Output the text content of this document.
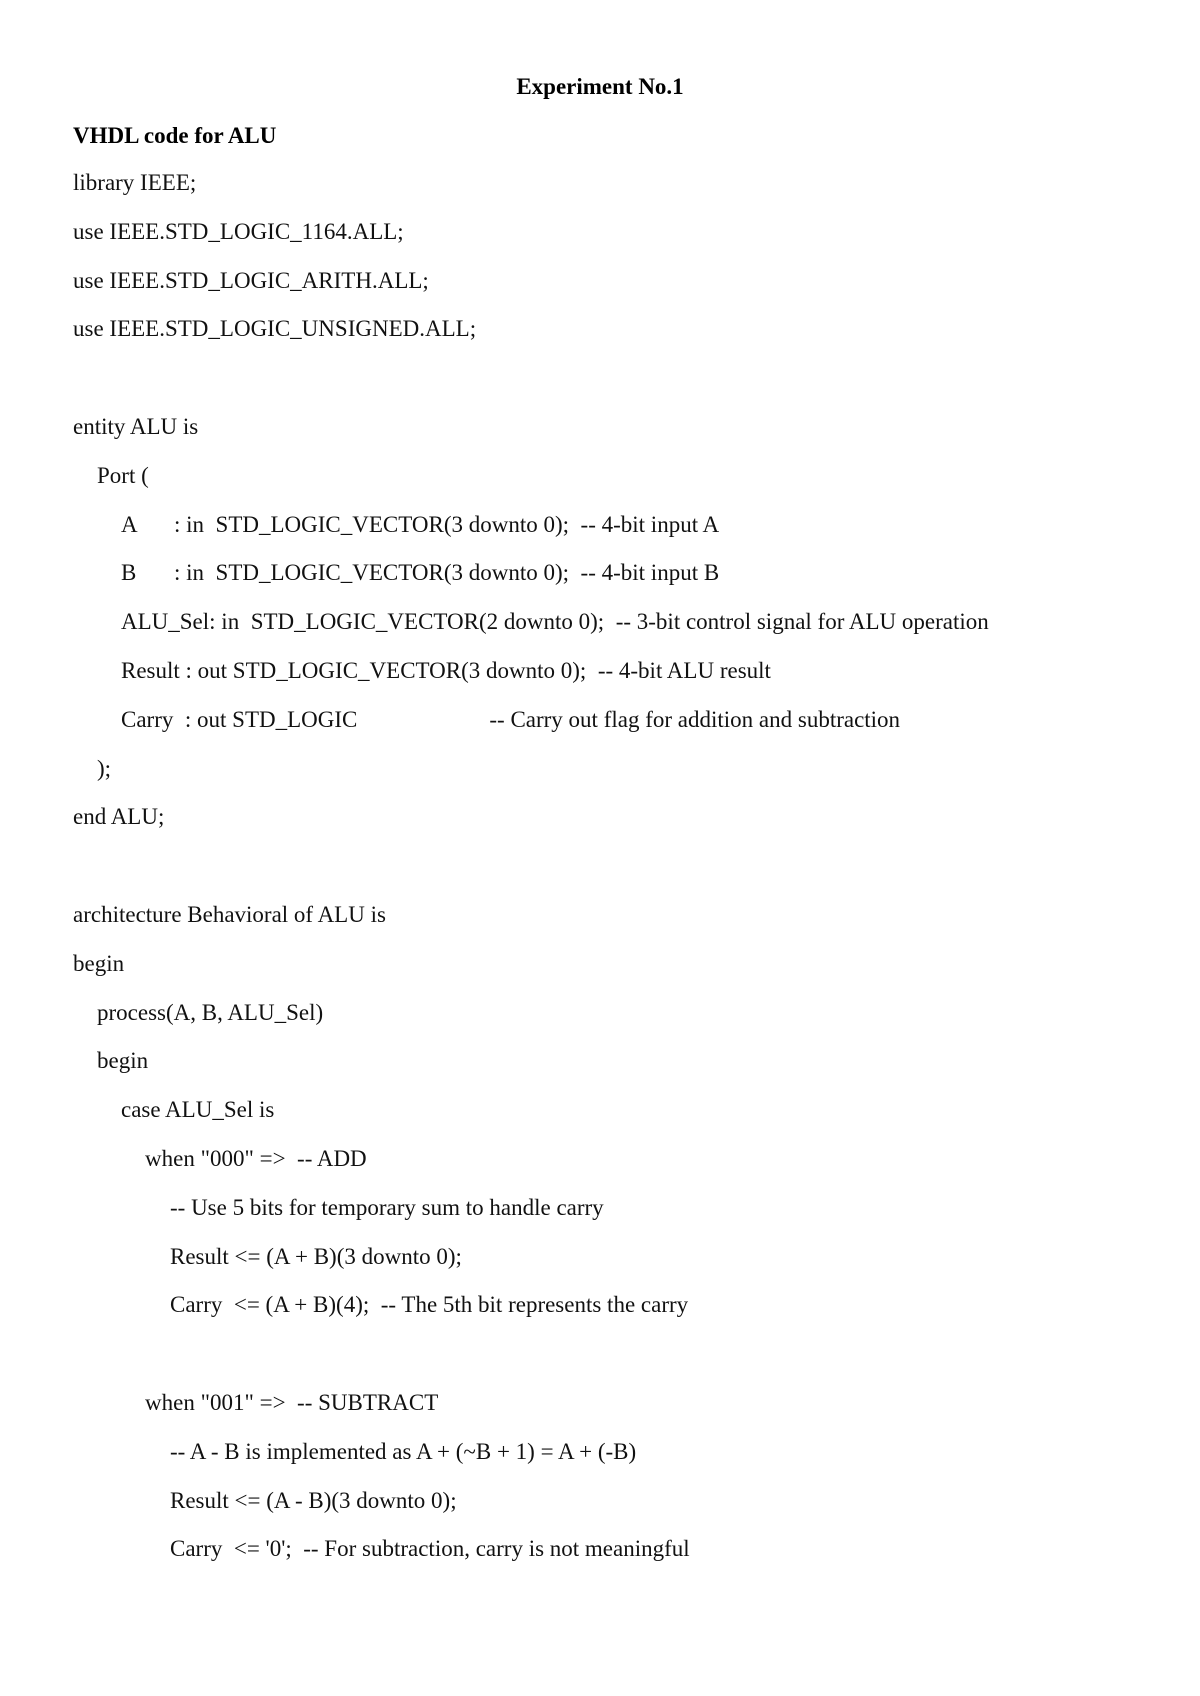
Experiment No.1
VHDL code for ALU
library IEEE;
use IEEE.STD_LOGIC_1164.ALL;
use IEEE.STD_LOGIC_ARITH.ALL;
use IEEE.STD_LOGIC_UNSIGNED.ALL;
entity ALU is
Port (
A : in  STD_LOGIC_VECTOR(3 downto 0);  -- 4-bit input A
B : in  STD_LOGIC_VECTOR(3 downto 0);  -- 4-bit input B
ALU_Sel: in  STD_LOGIC_VECTOR(2 downto 0);  -- 3-bit control signal for ALU operation
Result : out STD_LOGIC_VECTOR(3 downto 0);  -- 4-bit ALU result
Carry  : out STD_LOGIC	-- Carry out flag for addition and subtraction
);
end ALU;
architecture Behavioral of ALU is
begin
process(A, B, ALU_Sel)
begin
case ALU_Sel is
when "000" =>  -- ADD
-- Use 5 bits for temporary sum to handle carry
Result <= (A + B)(3 downto 0);
Carry  <= (A + B)(4);  -- The 5th bit represents the carry
when "001" =>  -- SUBTRACT
-- A - B is implemented as A + (~B + 1) = A + (-B)
Result <= (A - B)(3 downto 0);
Carry  <= '0';  -- For subtraction, carry is not meaningful
